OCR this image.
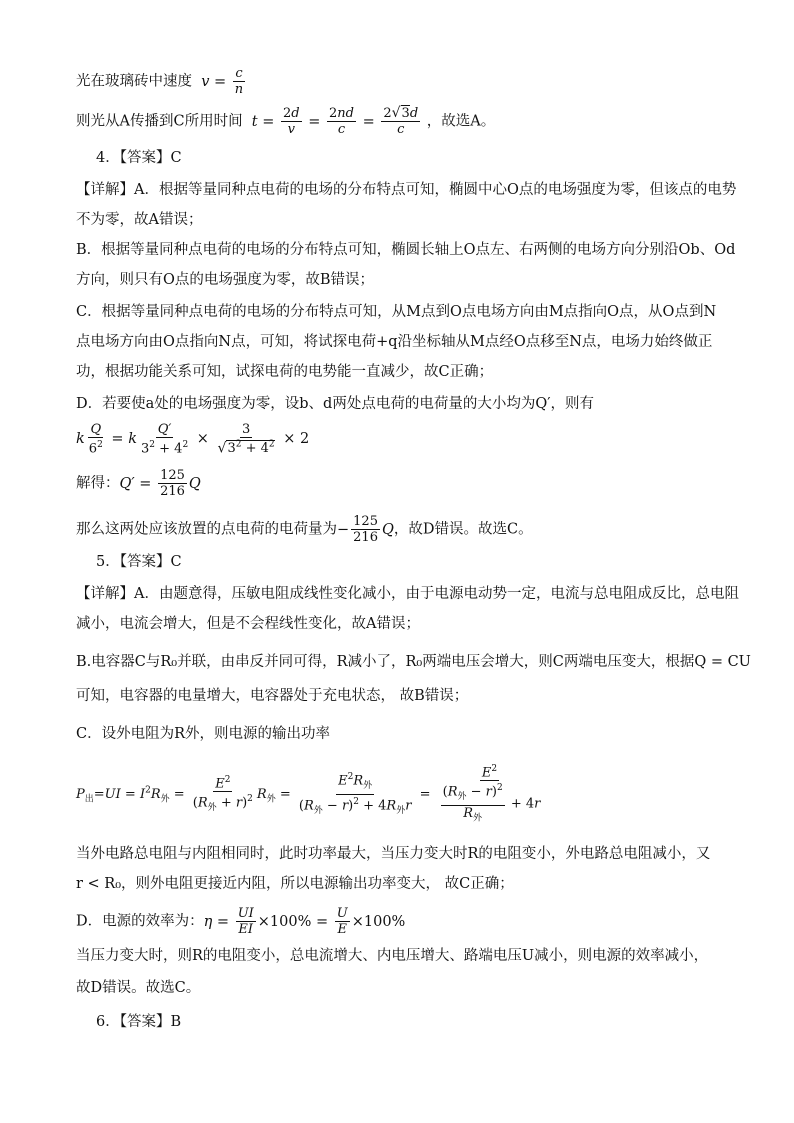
光在玻璃砖中速度 $v = \frac{c}{n}$
则光从A传播到C所用时间 $t = \frac{2d}{v} = \frac{2nd}{c} = \frac{2√3d}{c}$ ，故选A。
4．【答案】C
【详解】A．根据等量同种点电荷的电场的分布特点可知，椭圆中心O点的电场强度为零，但该点的电势
不为零，故A错误；
B．根据等量同种点电荷的电场的分布特点可知，椭圆长轴上O点左、右两侧的电场方向分别沿Ob、Od
方向，则只有O点的电场强度为零，故B错误；
C．根据等量同种点电荷的电场的分布特点可知，从M点到O点电场方向由M点指向O点，从O点到N
点电场方向由O点指向N点，可知，将试探电荷+q沿坐标轴从M点经O点移至N点，电场力始终做正
功，根据功能关系可知，试探电荷的电势能一直减少，故C正确；
D．若要使a处的电场强度为零，设b、d两处点电荷的电荷量的大小均为Q′，则有
k $\frac{Q}{6^2} = k \frac{Q'}{3^2 + 4^2} \times \frac{3}{√3^2 + 4^2} \times 2$
解得：$Q' = \frac{125}{216}$ Q
那么这两处应该放置的点电荷的电荷量为− $\frac{125}{216}$ Q，故D错误。故选C。
5．【答案】C
【详解】A．由题意得，压敏电阻成线性变化减小，由于电源电动势一定，电流与总电阻成反比，总电阻
减小，电流会增大，但是不会程线性变化，故A错误；
B.电容器C与R₀并联，由串反并同可得，R减小了，R₀两端电压会增大，则C两端电压变大，根据Q = CU
可知，电容器的电量增大，电容器处于充电状态， 故B错误；
C．设外电阻为R外，则电源的输出功率
$P_出=UI = I^2R_外 = \frac{E^2}{(R_外 + r)^2} R_外 = \frac{E^2R_外}{(R_外 - r)^2 + 4R_外r} = \frac{E^2}{\frac{(R_外 - r)^2}{R_外} + 4r}$
当外电路总电阻与内阻相同时，此时功率最大，当压力变大时R的电阻变小，外电路总电阻减小，又
r < R₀，则外电阻更接近内阻，所以电源输出功率变大， 故C正确；
D．电源的效率为：$\eta = \frac{UI}{EI} \times 100\% = \frac{U}{E} \times 100\%$
当压力变大时，则R的电阻变小，总电流增大、内电压增大、路端电压U减小，则电源的效率减小，
故D错误。故选C。
6．【答案】B
